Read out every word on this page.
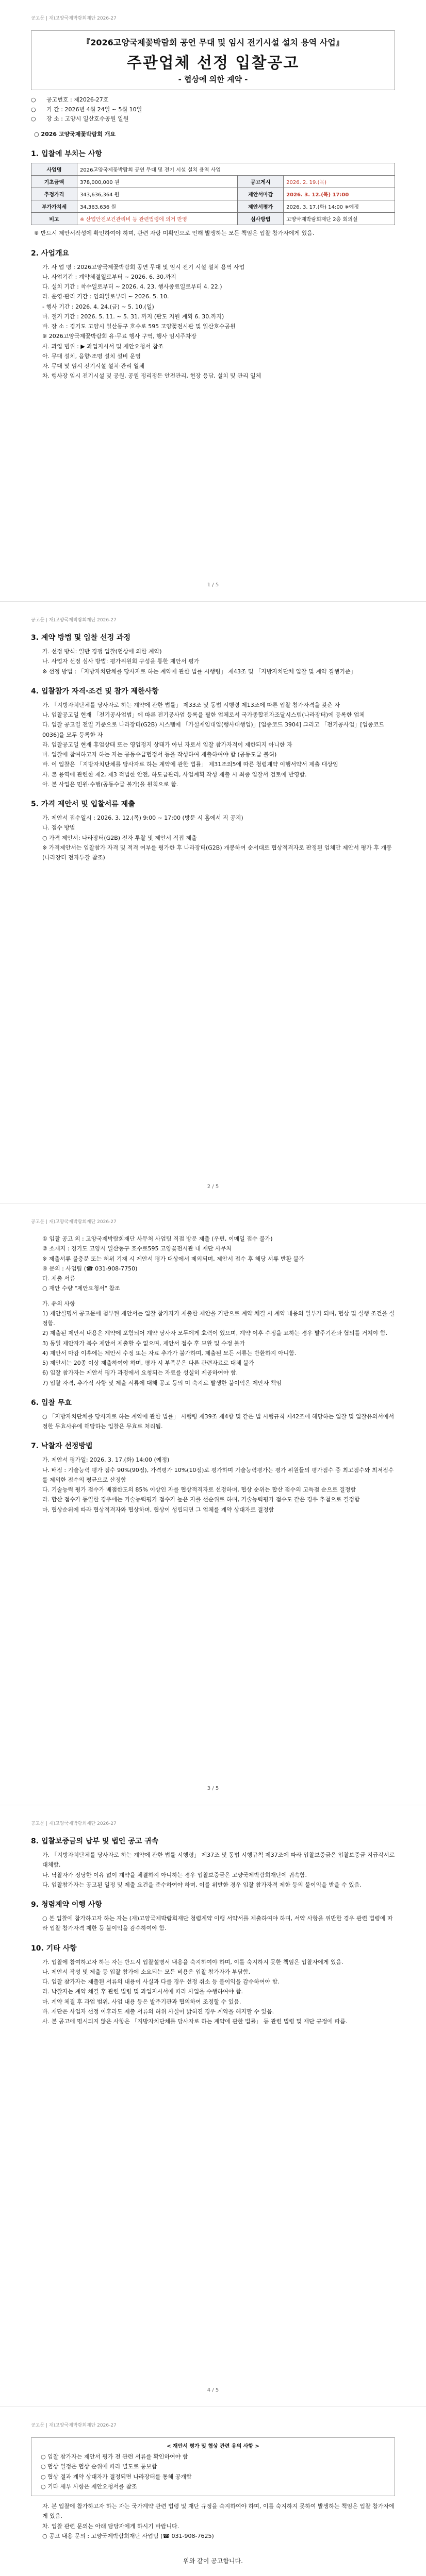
공고문 | 재)고양국제박람회재단 2026-27
『2026고양국제꽃박람회 공연 무대 및 임시 전기시설 설치 용역 사업』
주관업체 선정 입찰공고
- 협상에 의한 계약 -
○	공고번호 : 제2026-27호
○	기 간 : 2026년 4월 24일 ~ 5월 10일
○	장 소 : 고양시 일산호수공원 일원
○ 2026 고양국제꽃박람회 개요
1. 입찰에 부치는 사항
사업명	2026고양국제꽃박람회 공연 무대 및 전기 시설 설치 용역 사업		
기초금액	378,000,000 원	공고게시	2026. 2. 19.(목)
추정가격	343,636,364 원	제안서마감	2026. 3. 12.(목) 17:00
부가가치세	34,363,636 원	제안서평가	2026. 3. 17.(화) 14:00 ※예정
비고	※ 산업안전보건관리비 등 관련법령에 의거 반영	심사방법	고양국제박람회재단 2층 회의실
※ 반드시 제안서작성에 확인하여야 하며, 관련 자랑 미확인으로 인해 발생하는 모든 책임은 입찰 참가자에게 있음.
2. 사업개요
가. 사 업 명 : 2026고양국제꽃박람회 공연 무대 및 임시 전기 시설 설치 용역 사업
나. 사업기간 : 계약체결일로부터 ~ 2026. 6. 30.까지
다. 설치 기간 : 착수일로부터 ~ 2026. 4. 23. 행사종료일로부터 4. 22.)
라. 운영·관리 기간 : 임의일로부터 ~ 2026. 5. 10.
- 행사 기간 : 2026. 4. 24.(금) ~ 5. 10.(일)
마. 철거 기간 : 2026. 5. 11. ~ 5. 31. 까지 (판도 지원 계획 6. 30.까지)
바. 장 소 : 경기도 고양시 일산동구 호수로 595 고양꽃전시관 및 일산호수공원
※ 2026고양국제꽃박람회 유·무료 행사 구역, 행사 임시주차장
사. 과업 범위 : ▶ 과업지시서 및 제안요청서 참조
아. 무대 설치, 음향·조명 설치 설비 운영
자. 무대 및 임시 전기시설 설치·관리 일체
차. 행사장 임시 전기시설 및 공원, 공원 정리정돈 안전관리, 현장 응답, 설치 및 관리 일체
1 / 5
공고문 | 재)고양국제박람회재단 2026-27
3. 계약 방법 및 입찰 선정 과정
가. 선정 방식: 일반 경쟁 입찰(협상에 의한 계약)
나. 사업자 선정 심사 방법: 평가위원회 구성을 통한 제안서 평가
※ 선정 방법 : 「지방자치단체를 당사자로 하는 계약에 관한 법률 시행령」 제43조 및 「지방자치단체 입찰 및 계약 집행기준」
4. 입찰참가 자격·조건 및 참가 제한사항
가. 「지방자치단체를 당사자로 하는 계약에 관한 법률」 제33조 및 동법 시행령 제13조에 따른 입찰 참가자격을 갖춘 자
나. 입찰공고일 현재 「전기공사업법」에 따른 전기공사업 등록을 필한 업체로서 국가종합전자조달시스템(나라장터)에 등록한 업체
다. 입찰 공고일 전일 기준으로 나라장터(G2B) 시스템에 「가설재임대업(행사대행업)」[업종코드 3904] 그리고 「전기공사업」[업종코드 0036]을 모두 등록한 자
라. 입찰공고일 현재 휴업상태 또는 영업정지 상태가 아닌 자로서 입찰 참가자격이 제한되지 아니한 자
마. 입찰에 참여하고자 하는 자는 공동수급협정서 등을 작성하여 제출하여야 함 (공동도급 불허)
바. 이 입찰은 「지방자치단체를 당사자로 하는 계약에 관한 법률」 제31조의5에 따른 청렴계약 이행서약서 제출 대상임
사. 본 용역에 관련한 제2, 제3 적법한 안전, 하도급관리, 사업계획 작성 제출 시 최종 입찰서 검토에 반영함.
아. 본 사업은 민원·수행(공동수급 불가)을 원칙으로 함.
5. 가격 제안서 및 입찰서류 제출
가. 제안서 접수일시 : 2026. 3. 12.(목) 9:00 ~ 17:00 (방문 시 홈에서 직 공지)
나. 접수 방법
○ 가격 제안서: 나라장터(G2B) 전자 투찰 및 제안서 직접 제출
※ 가격제안서는 입찰참가 자격 및 적격 여부를 평가한 후 나라장터(G2B) 개봉하여 순서대로 협상적격자로 판정된 업체만 제안서 평가 후 개봉 (나라장터 전자투찰 참조)
2 / 5
공고문 | 재)고양국제박람회재단 2026-27
① 입찰 공고 외 : 고양국제박람회재단 사무처 사업팀 직접 방문 제출 (우편, 이메일 접수 불가)
② 소재지 : 경기도 고양시 일산동구 호수로595 고양꽃전시관 내 재단 사무처
※ 제출서류 불충분 또는 허위 기재 시 제안서 평가 대상에서 제외되며, 제안서 접수 후 해당 서류 반환 불가
④ 문의 : 사업팀 (☎ 031-908-7750)
다. 제출 서류
○ 재안 수량 "제안요청서" 참조
가. 유의 사항
1) 제안설명서 공고문에 첨부된 제안서는 입찰 참가자가 제출한 제안을 기반으로 계약 체결 시 계약 내용의 일부가 되며, 협상 및 실행 조건을 설정함.
2) 제출된 제안서 내용은 계약에 포함되어 계약 당사자 모두에게 효력이 있으며, 계약 이후 수정을 요하는 경우 발주기관과 협의를 거쳐야 함.
3) 동일 제안자가 복수 제안서 제출할 수 없으며, 제안서 접수 후 보완 및 수정 불가
4) 제안서 마감 이후에는 제안서 수정 또는 자료 추가가 불가하며, 제출된 모든 서류는 반환하지 아니함.
5) 제안서는 20종 이상 제출하여야 하며, 평가 시 부족분은 다른 관련자료로 대체 불가
6) 입찰 참가자는 제안서 평가 과정에서 요청되는 자료를 성실히 제공하여야 함.
7) 입찰 자격, 추가적 사항 및 제출 서류에 대해 공고 등의 미 숙지로 발생한 불이익은 제안자 책임
6. 입찰 무효
○ 「지방자치단체를 당사자로 하는 계약에 관한 법률」 시행령 제39조 제4항 및 같은 법 시행규칙 제42조에 해당하는 입찰 및 입찰유의서에서 정한 무효사유에 해당하는 입찰은 무효로 처리됨.
7. 낙찰자 선정방법
가. 제안서 평가일: 2026. 3. 17.(화) 14:00 (예정)
나. 배점 : 기술능력 평가 점수 90%(90점), 가격평가 10%(10점)로 평가하며 기술능력평가는 평가 위원들의 평가점수 중 최고점수와 최저점수를 제외한 점수의 평균으로 산정함
다. 기술능력 평가 점수가 배점한도의 85% 이상인 자를 협상적격자로 선정하며, 협상 순위는 합산 점수의 고득점 순으로 결정함
라. 합산 점수가 동일한 경우에는 기술능력평가 점수가 높은 자를 선순위로 하며, 기술능력평가 점수도 같은 경우 추첨으로 결정함
마. 협상순위에 따라 협상적격자와 협상하며, 협상이 성립되면 그 업체를 계약 상대자로 결정함
3 / 5
공고문 | 재)고양국제박람회재단 2026-27
8. 입찰보증금의 납부 및 법인 공고 귀속
가. 「지방자치단체를 당사자로 하는 계약에 관한 법률 시행령」 제37조 및 동법 시행규칙 제37조에 따라 입찰보증금은 입찰보증금 지급각서로 대체함.
나. 낙찰자가 정당한 이유 없이 계약을 체결하지 아니하는 경우 입찰보증금은 고양국제박람회재단에 귀속함.
다. 입찰참가자는 공고된 일정 및 제출 요건을 준수하여야 하며, 이를 위반한 경우 입찰 참가자격 제한 등의 불이익을 받을 수 있음.
9. 청렴계약 이행 사항
○ 본 입찰에 참가하고자 하는 자는 (재)고양국제박람회재단 청렴계약 이행 서약서를 제출하여야 하며, 서약 사항을 위반한 경우 관련 법령에 따라 입찰 참가자격 제한 등 불이익을 감수하여야 함.
10. 기타 사항
가. 입찰에 참여하고자 하는 자는 반드시 입찰설명서 내용을 숙지하여야 하며, 이를 숙지하지 못한 책임은 입찰자에게 있음.
나. 제안서 작성 및 제출 등 입찰 참가에 소요되는 모든 비용은 입찰 참가자가 부담함.
다. 입찰 참가자는 제출된 서류의 내용이 사실과 다를 경우 선정 취소 등 불이익을 감수하여야 함.
라. 낙찰자는 계약 체결 후 관련 법령 및 과업지시서에 따라 사업을 수행하여야 함.
마. 계약 체결 후 과업 범위, 사업 내용 등은 발주기관과 협의하여 조정할 수 있음.
바. 재단은 사업자 선정 이후라도 제출 서류의 허위 사실이 밝혀진 경우 계약을 해지할 수 있음.
사. 본 공고에 명시되지 않은 사항은 「지방자치단체를 당사자로 하는 계약에 관한 법률」 등 관련 법령 및 재단 규정에 따름.
4 / 5
공고문 | 재)고양국제박람회재단 2026-27
< 재안서 평가 및 협상 관련 유의 사항 >
○ 입찰 참가자는 제안서 평가 전 관련 서류를 확인하여야 함
○ 협상 일정은 협상 순위에 따라 별도로 통보함
○ 협상 결과 계약 상대자가 결정되면 나라장터를 통해 공개함
○ 기타 세부 사항은 제안요청서를 참조
자. 본 입찰에 참가하고자 하는 자는 국가계약 관련 법령 및 재단 규정을 숙지하여야 하며, 이를 숙지하지 못하여 발생하는 책임은 입찰 참가자에게 있음.
차. 입찰 관련 문의는 아래 담당자에게 하시기 바랍니다.
○ 공고 내용 문의 : 고양국제박람회재단 사업팀 (☎ 031-908-7625)
위와 같이 공고합니다.
